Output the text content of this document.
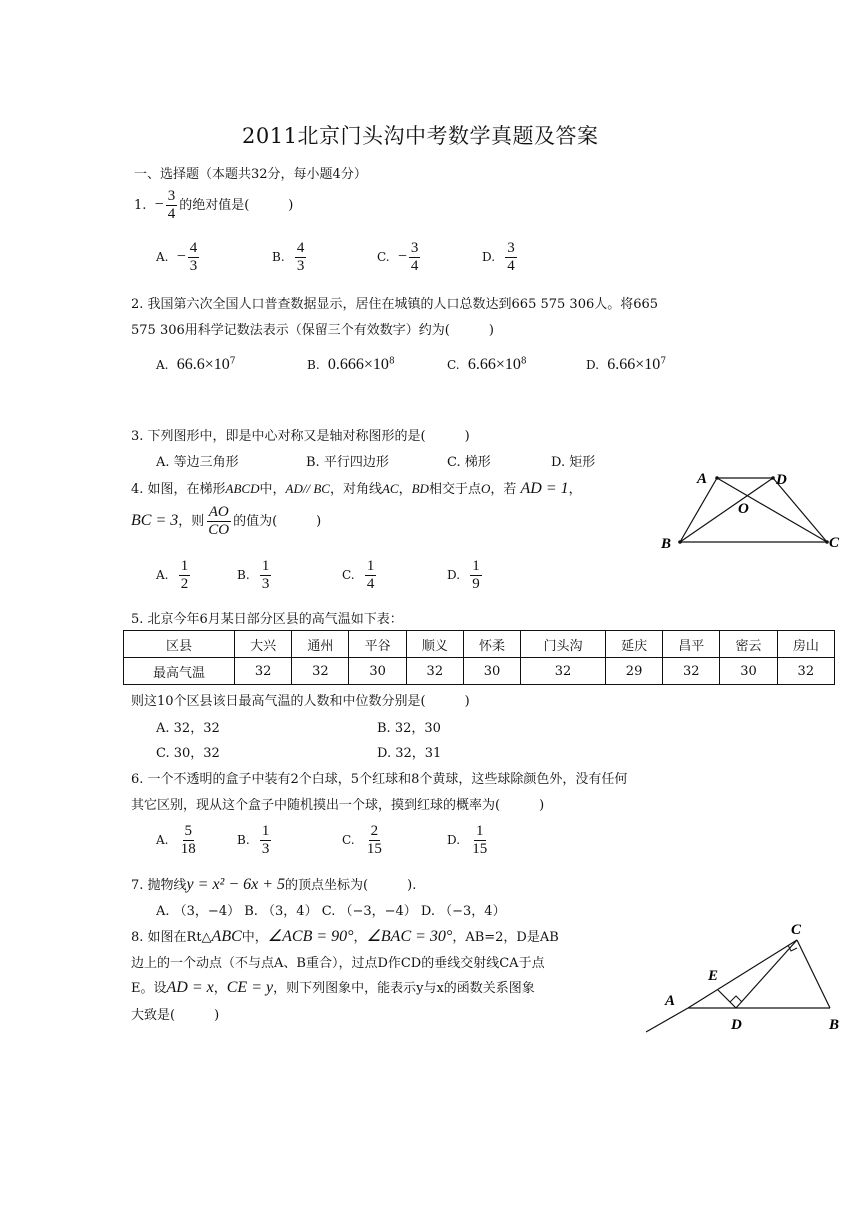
2011北京门头沟中考数学真题及答案
一、选择题（本题共32分，每小题4分）
1. − $\frac{3}{4}$ 的绝对值是(　　　)
A. − $\frac{4}{3}$	B. $\frac{4}{3}$	C. − $\frac{3}{4}$	D. $\frac{3}{4}$
2. 我国第六次全国人口普查数据显示，居住在城镇的人口总数达到665 575 306人。将665
575 306用科学记数法表示（保留三个有效数字）约为(　　　)
A. $66.6\times 10^7$	B. $0.666\times 10^8$	C. $6.66\times 10^8$	D. $6.66\times 10^7$
3. 下列图形中，即是中心对称又是轴对称图形的是(　　　)
A. 等边三角形	B. 平行四边形	C. 梯形	D. 矩形
4. 如图，在梯形ABCD中，AD// BC，对角线AC，BD相交于点O，若 AD = 1，
BC = 3，则 $\frac{AO}{CO}$ 的值为(　　　)
A. $\frac{1}{2}$	B. $\frac{1}{3}$	C. $\frac{1}{4}$	D. $\frac{1}{9}$
A	D
O
B	C
5. 北京今年6月某日部分区县的高气温如下表：
区县	大兴	通州	平谷	顺义	怀柔	门头沟	延庆	昌平	密云	房山
最高气温	32	32	30	32	30	32	29	32	30	32
则这10个区县该日最高气温的人数和中位数分别是(　　　)
A. 32，32	B. 32，30
C. 30，32	D. 32，31
6. 一个不透明的盒子中装有2个白球，5个红球和8个黄球，这些球除颜色外，没有任何
其它区别，现从这个盒子中随机摸出一个球，摸到红球的概率为(　　　)
A. $\frac{5}{18}$	B. $\frac{1}{3}$	C. $\frac{2}{15}$	D. $\frac{1}{15}$
7. 抛物线y = x² − 6x + 5的顶点坐标为(　　　).
A. （3，−4） B. （3，4） C. （−3，−4） D. （−3，4）
8. 如图在Rt△ABC中，∠ACB = 90°，∠BAC = 30°，AB=2，D是AB
边上的一个动点（不与点A、B重合），过点D作CD的垂线交射线CA于点
E。设AD = x，CE = y，则下列图象中，能表示y与x的函数关系图象
大致是(　　　)
C
E
A
D	B
